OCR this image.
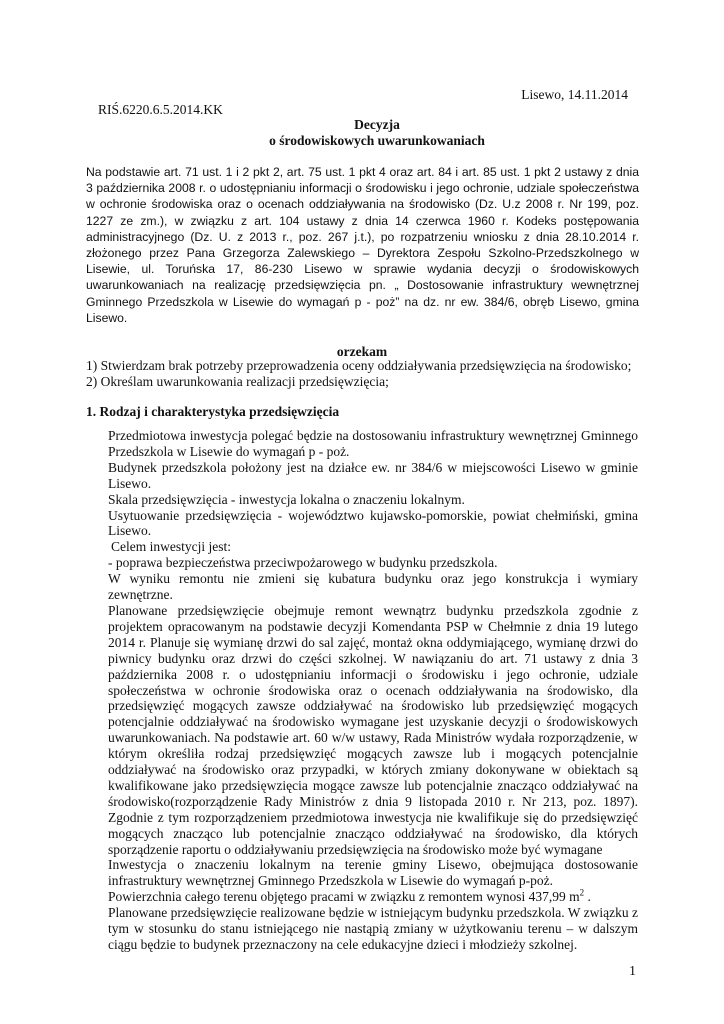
Lisewo, 14.11.2014
RIŚ.6220.6.5.2014.KK
Decyzja
o środowiskowych uwarunkowaniach
Na podstawie art. 71 ust. 1 i 2 pkt 2, art. 75 ust. 1 pkt 4 oraz art. 84 i art. 85 ust. 1 pkt 2 ustawy z dnia 3 października 2008 r. o udostępnianiu informacji o środowisku i jego ochronie, udziale społeczeństwa w ochronie środowiska oraz o ocenach oddziaływania na środowisko (Dz. U.z 2008 r. Nr 199, poz. 1227 ze zm.), w związku z art. 104 ustawy z dnia 14 czerwca 1960 r. Kodeks postępowania administracyjnego (Dz. U. z 2013 r., poz. 267 j.t.), po rozpatrzeniu wniosku z dnia 28.10.2014 r. złożonego przez Pana Grzegorza Zalewskiego – Dyrektora Zespołu Szkolno-Przedszkolnego w Lisewie, ul. Toruńska 17, 86-230 Lisewo w sprawie wydania decyzji o środowiskowych uwarunkowaniach na realizację przedsięwzięcia pn. „ Dostosowanie infrastruktury wewnętrznej Gminnego Przedszkola w Lisewie do wymagań p - poż” na dz. nr ew. 384/6, obręb Lisewo, gmina Lisewo.
orzekam
1) Stwierdzam brak potrzeby przeprowadzenia oceny oddziaływania przedsięwzięcia na środowisko;
2) Określam uwarunkowania realizacji przedsięwzięcia;
1. Rodzaj i charakterystyka przedsięwzięcia

Przedmiotowa inwestycja polegać będzie na dostosowaniu infrastruktury wewnętrznej Gminnego Przedszkola w Lisewie do wymagań p - poż.

Budynek przedszkola położony jest na działce ew. nr 384/6 w miejscowości Lisewo w gminie Lisewo.

Skala przedsięwzięcia - inwestycja lokalna o znaczeniu lokalnym.

Usytuowanie przedsięwzięcia - województwo kujawsko-pomorskie, powiat chełmiński, gmina Lisewo.

Celem inwestycji jest:

- poprawa bezpieczeństwa przeciwpożarowego w budynku przedszkola.

W wyniku remontu nie zmieni się kubatura budynku oraz jego konstrukcja i wymiary zewnętrzne.

Planowane przedsięwzięcie obejmuje remont wewnątrz budynku przedszkola zgodnie z projektem opracowanym na podstawie decyzji Komendanta PSP w Chełmnie z dnia 19 lutego 2014 r. Planuje się wymianę drzwi do sal zajęć, montaż okna oddymiającego, wymianę drzwi do piwnicy budynku oraz drzwi do części szkolnej. W nawiązaniu do art. 71 ustawy z dnia 3 października 2008 r. o udostępnianiu informacji o środowisku i jego ochronie, udziale społeczeństwa w ochronie środowiska oraz o ocenach oddziaływania na środowisko, dla przedsięwzięć mogących zawsze oddziaływać na środowisko lub przedsięwzięć mogących potencjalnie oddziaływać na środowisko wymagane jest uzyskanie decyzji o środowiskowych uwarunkowaniach. Na podstawie art. 60 w/w ustawy, Rada Ministrów wydała rozporządzenie, w którym określiła rodzaj przedsięwzięć mogących zawsze lub i mogących potencjalnie oddziaływać na środowisko oraz przypadki, w których zmiany dokonywane w obiektach są kwalifikowane jako przedsięwzięcia mogące zawsze lub potencjalnie znacząco oddziaływać na środowisko(rozporządzenie Rady Ministrów z dnia 9 listopada 2010 r. Nr 213, poz. 1897). Zgodnie z tym rozporządzeniem przedmiotowa inwestycja nie kwalifikuje się do przedsięwzięć mogących znacząco lub potencjalnie znacząco oddziaływać na środowisko, dla których sporządzenie raportu o oddziaływaniu przedsięwzięcia na środowisko może być wymagane

Inwestycja o znaczeniu lokalnym na terenie gminy Lisewo, obejmująca dostosowanie infrastruktury wewnętrznej Gminnego Przedszkola w Lisewie do wymagań p-poż.

Powierzchnia całego terenu objętego pracami w związku z remontem wynosi 437,99 $m^2$ .

Planowane przedsięwzięcie realizowane będzie w istniejącym budynku przedszkola. W związku z tym w stosunku do stanu istniejącego nie nastąpią zmiany w użytkowaniu terenu – w dalszym ciągu będzie to budynek przeznaczony na cele edukacyjne dzieci i młodzieży szkolnej.

1
